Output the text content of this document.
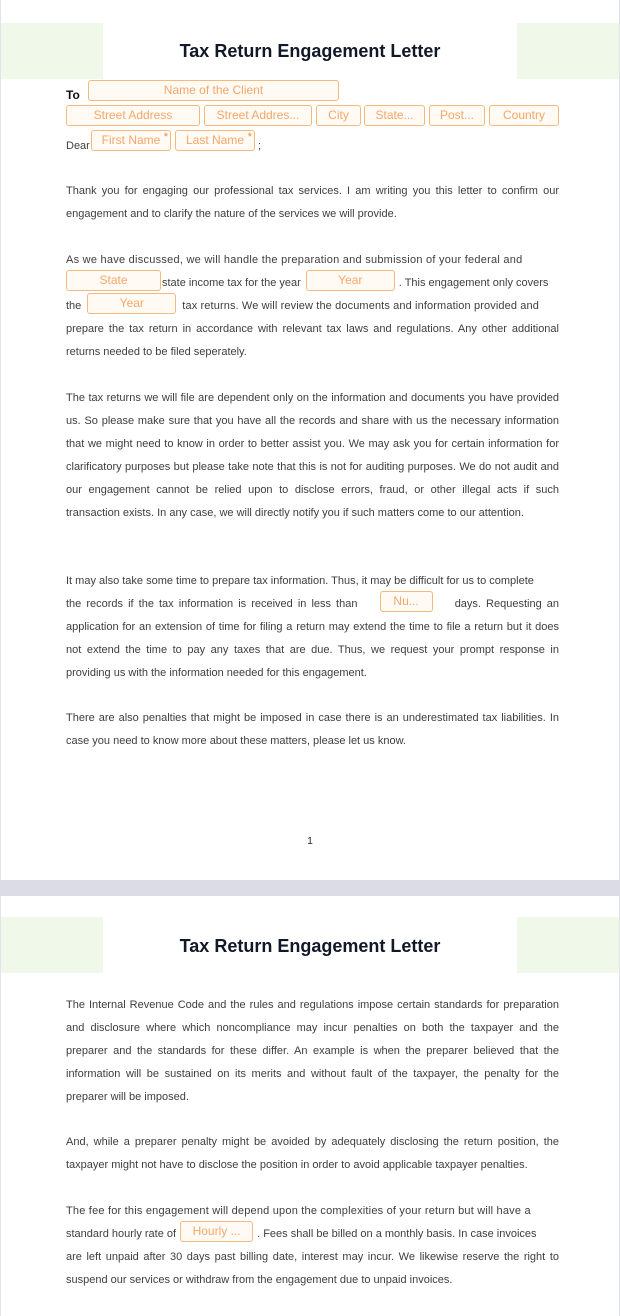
Tax Return Engagement Letter
To	Name of the Client
Street Address	Street Addres...	City	State...	Post...	Country
Dear First Name *	Last Name *
;
Thank you for engaging our professional tax services. I am writing you this letter to confirm our engagement and to clarify the nature of the services we will provide.
As we have discussed, we will handle the preparation and submission of your federal and
State	state income tax for the year	Year	. This engagement only covers
the	Year	tax returns. We will review the documents and information provided and
prepare the tax return in accordance with relevant tax laws and regulations. Any other additional returns needed to be filed seperately.
The tax returns we will file are dependent only on the information and documents you have provided us. So please make sure that you have all the records and share with us the necessary information that we might need to know in order to better assist you. We may ask you for certain information for clarificatory purposes but please take note that this is not for auditing purposes. We do not audit and our engagement cannot be relied upon to disclose errors, fraud, or other illegal acts if such transaction exists. In any case, we will directly notify you if such matters come to our attention.
It may also take some time to prepare tax information. Thus, it may be difficult for us to complete
the records if the tax information is received in less than	Nu...	days. Requesting an
application for an extension of time for filing a return may extend the time to file a return but it does not extend the time to pay any taxes that are due. Thus, we request your prompt response in providing us with the information needed for this engagement.
There are also penalties that might be imposed in case there is an underestimated tax liabilities. In case you need to know more about these matters, please let us know.
1
Tax Return Engagement Letter
The Internal Revenue Code and the rules and regulations impose certain standards for preparation and disclosure where which noncompliance may incur penalties on both the taxpayer and the preparer and the standards for these differ. An example is when the preparer believed that the information will be sustained on its merits and without fault of the taxpayer, the penalty for the preparer will be imposed.
And, while a preparer penalty might be avoided by adequately disclosing the return position, the taxpayer might not have to disclose the position in order to avoid applicable taxpayer penalties.
The fee for this engagement will depend upon the complexities of your return but will have a
standard hourly rate of	Hourly ...	. Fees shall be billed on a monthly basis. In case invoices
are left unpaid after 30 days past billing date, interest may incur. We likewise reserve the right to suspend our services or withdraw from the engagement due to unpaid invoices.
